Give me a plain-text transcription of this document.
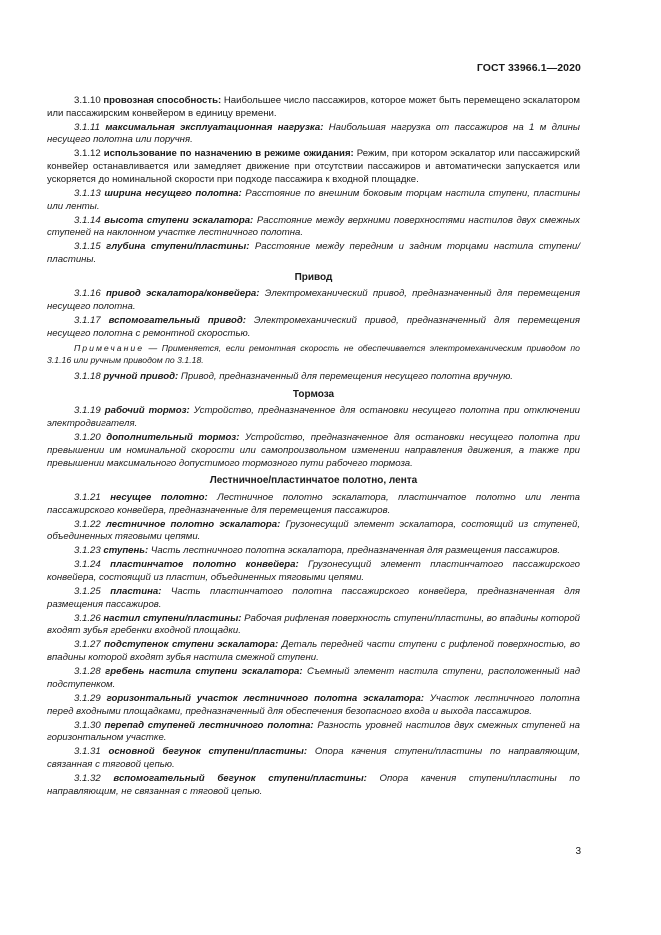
ГОСТ 33966.1—2020

3.1.10 провозная способность: Наибольшее число пассажиров, которое может быть перемещено эскалатором или пассажирским конвейером в единицу времени.

3.1.11 максимальная эксплуатационная нагрузка: Наибольшая нагрузка от пассажиров на 1 м длины несущего полотна или поручня.

3.1.12 использование по назначению в режиме ожидания: Режим, при котором эскалатор или пассажирский конвейер останавливается или замедляет движение при отсутствии пассажиров и автоматически запускается или ускоряется до номинальной скорости при подходе пассажира к входной площадке.

3.1.13 ширина несущего полотна: Расстояние по внешним боковым торцам настила ступени, пластины или ленты.

3.1.14 высота ступени эскалатора: Расстояние между верхними поверхностями настилов двух смежных ступеней на наклонном участке лестничного полотна.

3.1.15 глубина ступени/пластины: Расстояние между передним и задним торцами настила ступени/пластины.

Привод

3.1.16 привод эскалатора/конвейера: Электромеханический привод, предназначенный для перемещения несущего полотна.

3.1.17 вспомогательный привод: Электромеханический привод, предназначенный для перемещения несущего полотна с ремонтной скоростью.

Примечание — Применяется, если ремонтная скорость не обеспечивается электромеханическим приводом по 3.1.16 или ручным приводом по 3.1.18.

3.1.18 ручной привод: Привод, предназначенный для перемещения несущего полотна вручную.

Тормоза

3.1.19 рабочий тормоз: Устройство, предназначенное для остановки несущего полотна при отключении электродвигателя.

3.1.20 дополнительный тормоз: Устройство, предназначенное для остановки несущего полотна при превышении им номинальной скорости или самопроизвольном изменении направления движения, а также при превышении максимального допустимого тормозного пути рабочего тормоза.

Лестничное/пластинчатое полотно, лента

3.1.21 несущее полотно: Лестничное полотно эскалатора, пластинчатое полотно или лента пассажирского конвейера, предназначенные для перемещения пассажиров.

3.1.22 лестничное полотно эскалатора: Грузонесущий элемент эскалатора, состоящий из ступеней, объединенных тяговыми цепями.

3.1.23 ступень: Часть лестничного полотна эскалатора, предназначенная для размещения пассажиров.

3.1.24 пластинчатое полотно конвейера: Грузонесущий элемент пластинчатого пассажирского конвейера, состоящий из пластин, объединенных тяговыми цепями.

3.1.25 пластина: Часть пластинчатого полотна пассажирского конвейера, предназначенная для размещения пассажиров.

3.1.26 настил ступени/пластины: Рабочая рифленая поверхность ступени/пластины, во впадины которой входят зубья гребенки входной площадки.

3.1.27 подступенок ступени эскалатора: Деталь передней части ступени с рифленой поверхностью, во впадины которой входят зубья настила смежной ступени.

3.1.28 гребень настила ступени эскалатора: Съемный элемент настила ступени, расположенный над подступенком.

3.1.29 горизонтальный участок лестничного полотна эскалатора: Участок лестничного полотна перед входными площадками, предназначенный для обеспечения безопасного входа и выхода пассажиров.

3.1.30 перепад ступеней лестничного полотна: Разность уровней настилов двух смежных ступеней на горизонтальном участке.

3.1.31 основной бегунок ступени/пластины: Опора качения ступени/пластины по направляющим, связанная с тяговой цепью.

3.1.32 вспомогательный бегунок ступени/пластины: Опора качения ступени/пластины по направляющим, не связанная с тяговой цепью.

3
